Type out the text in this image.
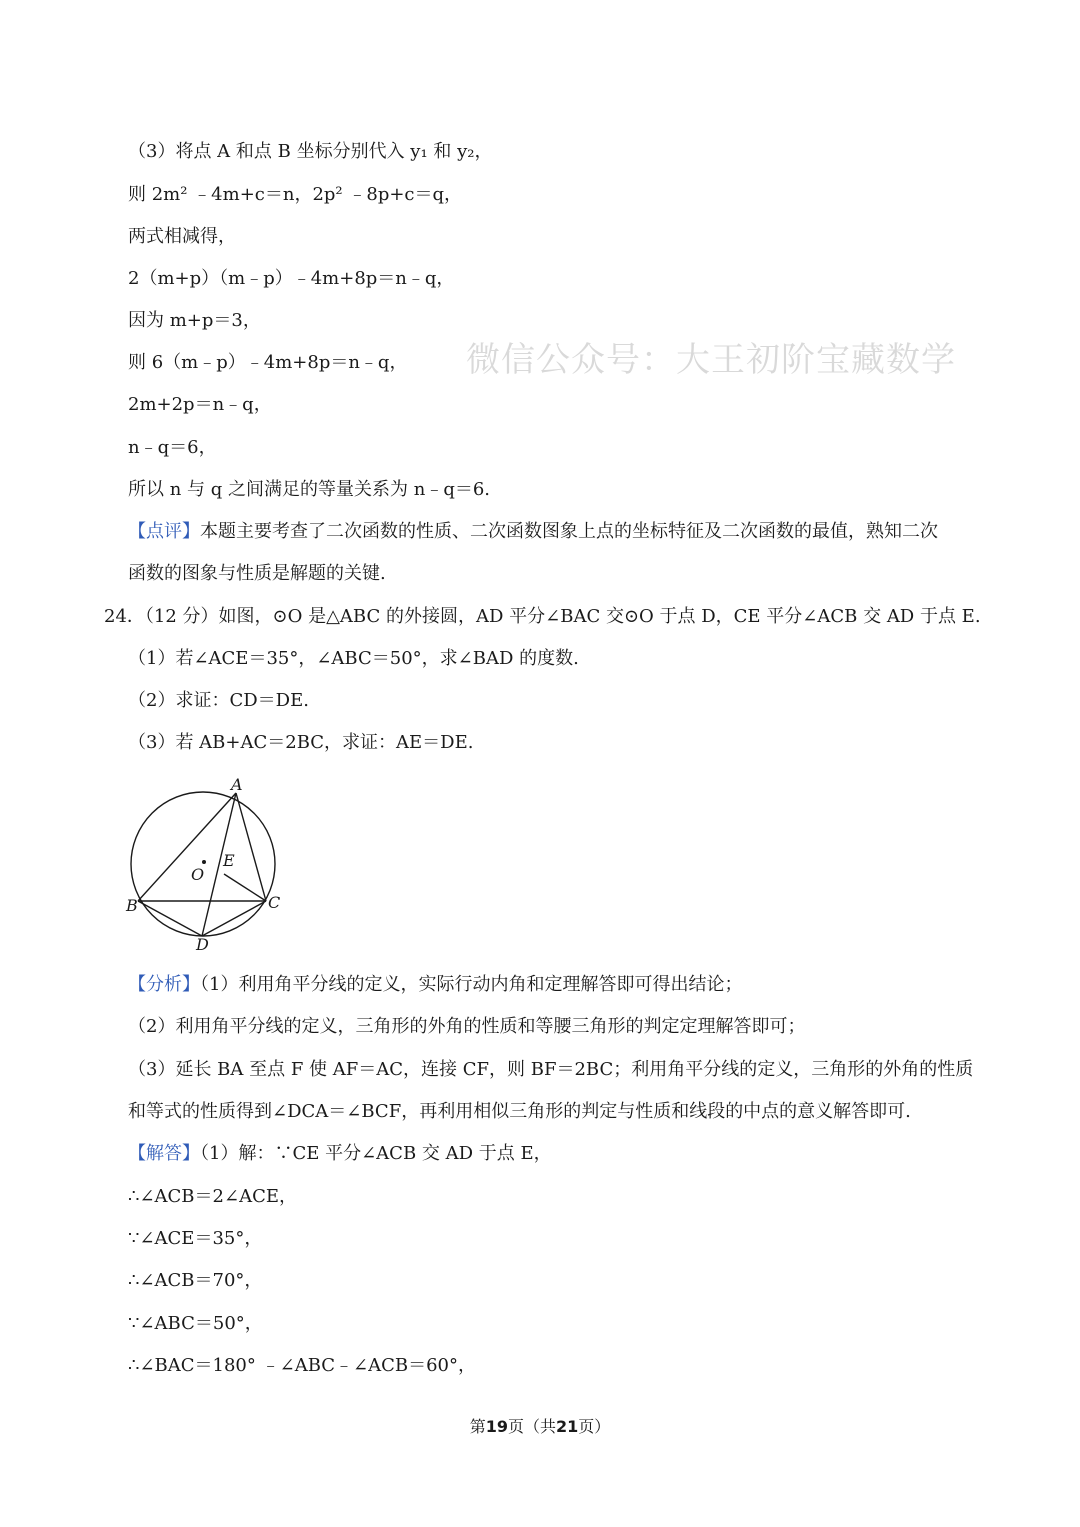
（3）将点 A 和点 B 坐标分别代入 y₁ 和 y₂，
则 2m² ﹣4m+c＝n，2p² ﹣8p+c＝q，
两式相减得，
2（m+p）（m﹣p）﹣4m+8p＝n﹣q，
因为 m+p＝3，
则 6（m﹣p）﹣4m+8p＝n﹣q，
2m+2p＝n﹣q，
n﹣q＝6，
所以 n 与 q 之间满足的等量关系为 n﹣q＝6.
【点评】本题主要考查了二次函数的性质、二次函数图象上点的坐标特征及二次函数的最值，熟知二次
函数的图象与性质是解题的关键.
（1）若∠ACE＝35°，∠ABC＝50°，求∠BAD 的度数.
（2）求证：CD＝DE.
（3）若 AB+AC＝2BC，求证：AE＝DE.
【分析】（1）利用角平分线的定义，实际行动内角和定理解答即可得出结论；
（2）利用角平分线的定义，三角形的外角的性质和等腰三角形的判定定理解答即可；
（3）延长 BA 至点 F 使 AF＝AC，连接 CF，则 BF＝2BC；利用角平分线的定义，三角形的外角的性质
和等式的性质得到∠DCA＝∠BCF，再利用相似三角形的判定与性质和线段的中点的意义解答即可.
【解答】（1）解：∵CE 平分∠ACB 交 AD 于点 E，
∴∠ACB＝2∠ACE，
∵∠ACE＝35°，
∴∠ACB＝70°，
∵∠ABC＝50°，
∴∠BAC＝180° ﹣∠ABC﹣∠ACB＝60°，
24．（12 分）如图，⊙O 是△ABC 的外接圆，AD 平分∠BAC 交⊙O 于点 D，CE 平分∠ACB 交 AD 于点 E.
微信公众号：大王初阶宝藏数学
A
B	C
D
E
O
第19页（共21页）
